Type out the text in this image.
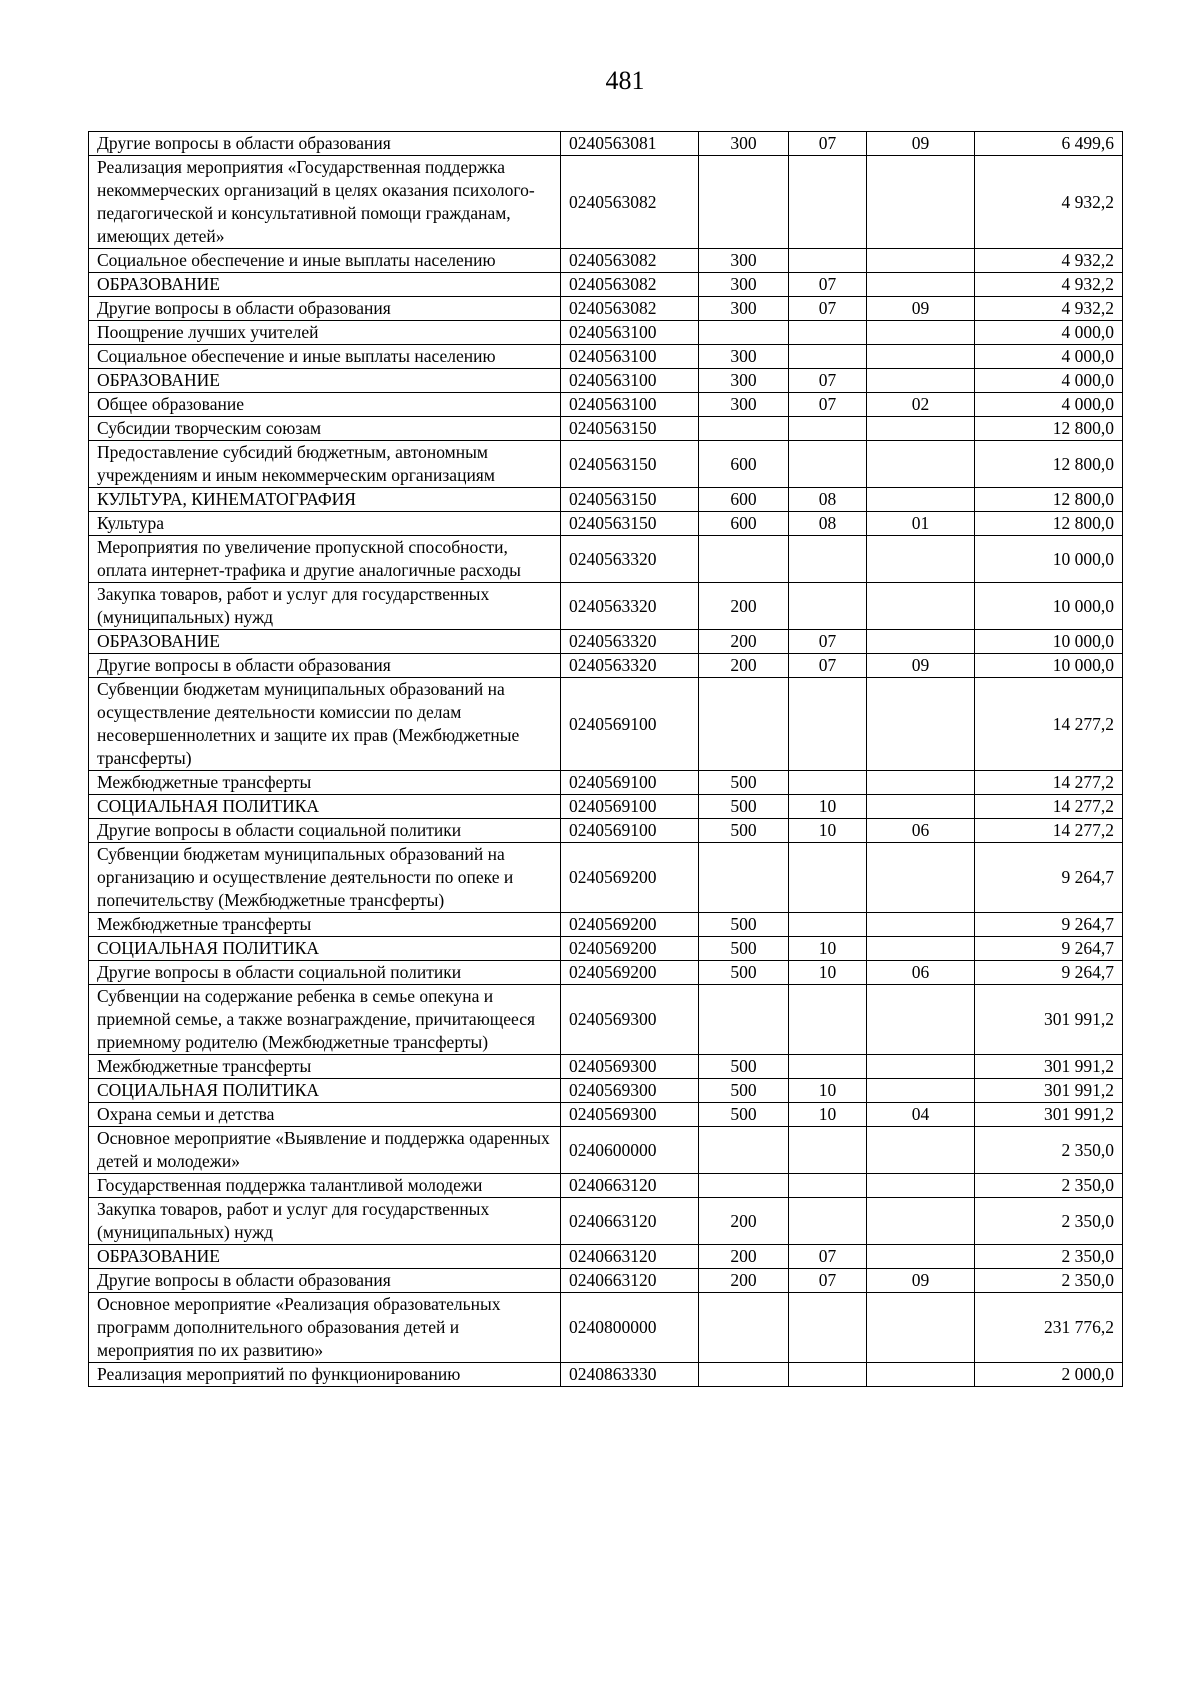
481
Другие вопросы в области образования	0240563081	300	07	09	6 499,6
Реализация мероприятия «Государственная поддержка некоммерческих организаций в целях оказания психолого-педагогической и консультативной помощи гражданам, имеющих детей»	0240563082				4 932,2
Социальное обеспечение и иные выплаты населению	0240563082	300			4 932,2
ОБРАЗОВАНИЕ	0240563082	300	07		4 932,2
Другие вопросы в области образования	0240563082	300	07	09	4 932,2
Поощрение лучших учителей	0240563100				4 000,0
Социальное обеспечение и иные выплаты населению	0240563100	300			4 000,0
ОБРАЗОВАНИЕ	0240563100	300	07		4 000,0
Общее образование	0240563100	300	07	02	4 000,0
Субсидии творческим союзам	0240563150				12 800,0
Предоставление субсидий бюджетным, автономным учреждениям и иным некоммерческим организациям	0240563150	600			12 800,0
КУЛЬТУРА, КИНЕМАТОГРАФИЯ	0240563150	600	08		12 800,0
Культура	0240563150	600	08	01	12 800,0
Мероприятия по увеличение пропускной способности, оплата интернет-трафика и другие аналогичные расходы	0240563320				10 000,0
Закупка товаров, работ и услуг для государственных (муниципальных) нужд	0240563320	200			10 000,0
ОБРАЗОВАНИЕ	0240563320	200	07		10 000,0
Другие вопросы в области образования	0240563320	200	07	09	10 000,0
Субвенции бюджетам муниципальных образований на осуществление деятельности комиссии по делам несовершеннолетних и защите их прав (Межбюджетные трансферты)	0240569100				14 277,2
Межбюджетные трансферты	0240569100	500			14 277,2
СОЦИАЛЬНАЯ ПОЛИТИКА	0240569100	500	10		14 277,2
Другие вопросы в области социальной политики	0240569100	500	10	06	14 277,2
Субвенции бюджетам муниципальных образований на организацию и осуществление деятельности по опеке и попечительству (Межбюджетные трансферты)	0240569200				9 264,7
Межбюджетные трансферты	0240569200	500			9 264,7
СОЦИАЛЬНАЯ ПОЛИТИКА	0240569200	500	10		9 264,7
Другие вопросы в области социальной политики	0240569200	500	10	06	9 264,7
Субвенции на содержание ребенка в семье опекуна и приемной семье, а также вознаграждение, причитающееся приемному родителю (Межбюджетные трансферты)	0240569300				301 991,2
Межбюджетные трансферты	0240569300	500			301 991,2
СОЦИАЛЬНАЯ ПОЛИТИКА	0240569300	500	10		301 991,2
Охрана семьи и детства	0240569300	500	10	04	301 991,2
Основное мероприятие «Выявление и поддержка одаренных детей и молодежи»	0240600000				2 350,0
Государственная поддержка талантливой молодежи	0240663120				2 350,0
Закупка товаров, работ и услуг для государственных (муниципальных) нужд	0240663120	200			2 350,0
ОБРАЗОВАНИЕ	0240663120	200	07		2 350,0
Другие вопросы в области образования	0240663120	200	07	09	2 350,0
Основное мероприятие «Реализация образовательных программ дополнительного образования детей и мероприятия по их развитию»	0240800000				231 776,2
Реализация мероприятий по функционированию	0240863330				2 000,0
